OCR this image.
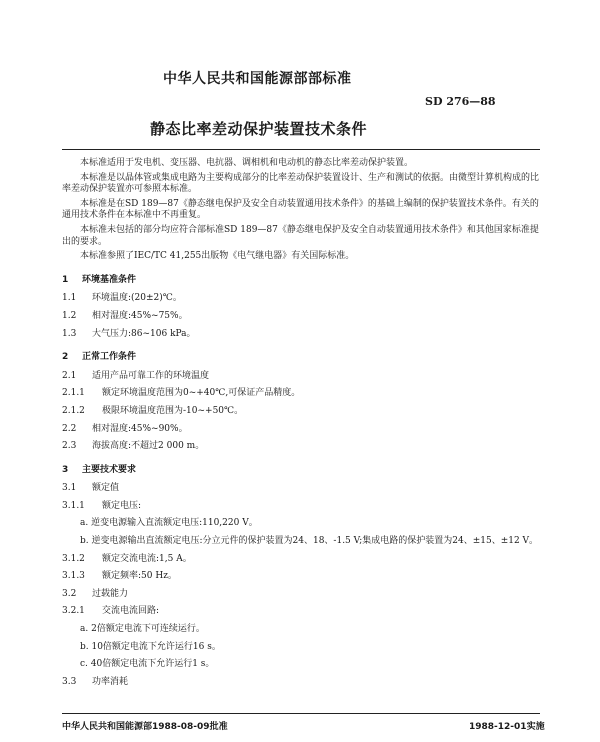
中华人民共和国能源部部标准
SD 276—88
静态比率差动保护装置技术条件

本标准适用于发电机、变压器、电抗器、调相机和电动机的静态比率差动保护装置。

本标准是以晶体管或集成电路为主要构成部分的比率差动保护装置设计、生产和测试的依据。由微型计算机构成的比率差动保护装置亦可参照本标准。

本标准是在SD 189—87《静态继电保护及安全自动装置通用技术条件》的基础上编制的保护装置技术条件。有关的通用技术条件在本标准中不再重复。

本标准未包括的部分均应符合部标准SD 189—87《静态继电保护及安全自动装置通用技术条件》和其他国家标准提出的要求。

本标准参照了IEC/TC 41,255出版物《电气继电器》有关国际标准。

1 环境基准条件
1.1 环境温度:(20±2)℃。
1.2 相对湿度:45%~75%。
1.3 大气压力:86~106 kPa。
2 正常工作条件
2.1 适用产品可靠工作的环境温度
2.1.1 额定环境温度范围为0~+40℃,可保证产品精度。
2.1.2 极限环境温度范围为-10~+50℃。
2.2 相对湿度:45%~90%。
2.3 海拔高度:不超过2 000 m。
3 主要技术要求
3.1 额定值
3.1.1 额定电压:
a. 逆变电源输入直流额定电压:110,220 V。
b. 逆变电源输出直流额定电压:分立元件的保护装置为24、18、-1.5 V;集成电路的保护装置为24、±15、±12 V。
3.1.2 额定交流电流:1,5 A。
3.1.3 额定频率:50 Hz。
3.2 过载能力
3.2.1 交流电流回路:
a. 2倍额定电流下可连续运行。
b. 10倍额定电流下允许运行16 s。
c. 40倍额定电流下允许运行1 s。
3.3 功率消耗
中华人民共和国能源部1988-08-09批准	1988-12-01实施
